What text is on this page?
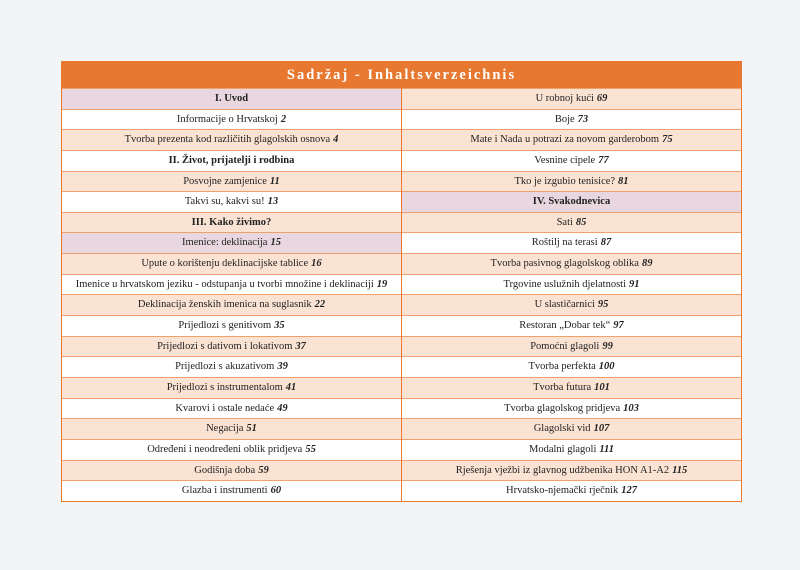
Sadržaj - Inhaltsverzeichnis
I. Uvod
Informacije o Hrvatskoj 2
Tvorba prezenta kod različitih glagolskih osnova 4
II. Život, prijatelji i rodbina
Posvojne zamjenice 11
Takvi su, kakvi su! 13
III. Kako živimo?
Imenice: deklinacija 15
Upute o korištenju deklinacijske tablice 16
Imenice u hrvatskom jeziku - odstupanja u tvorbi množine i deklinaciji 19
Deklinacija ženskih imenica na suglasnik 22
Prijedlozi s genitivom 35
Prijedlozi s dativom i lokativom 37
Prijedlozi s akuzativom 39
Prijedlozi s instrumentalom 41
Kvarovi i ostale nedaće 49
Negacija 51
Određeni i neodređeni oblik pridjeva 55
Godišnja doba 59
Glazba i instrumenti 60
U robnoj kući 69
Boje 73
Mate i Nada u potrazi za novom garderobom 75
Vesnine cipele 77
Tko je izgubio tenisice? 81
IV. Svakodnevica
Sati 85
Roštilj na terasi 87
Tvorba pasivnog glagolskog oblika 89
Trgovine uslužnih djelatnosti 91
U slastičarnici 95
Restoran „Dobar tek“ 97
Pomoćni glagoli 99
Tvorba perfekta 100
Tvorba futura 101
Tvorba glagolskog pridjeva 103
Glagolski vid 107
Modalni glagoli 111
Rješenja vježbi iz glavnog udžbenika HON A1-A2 115
Hrvatsko-njemački rječnik 127
